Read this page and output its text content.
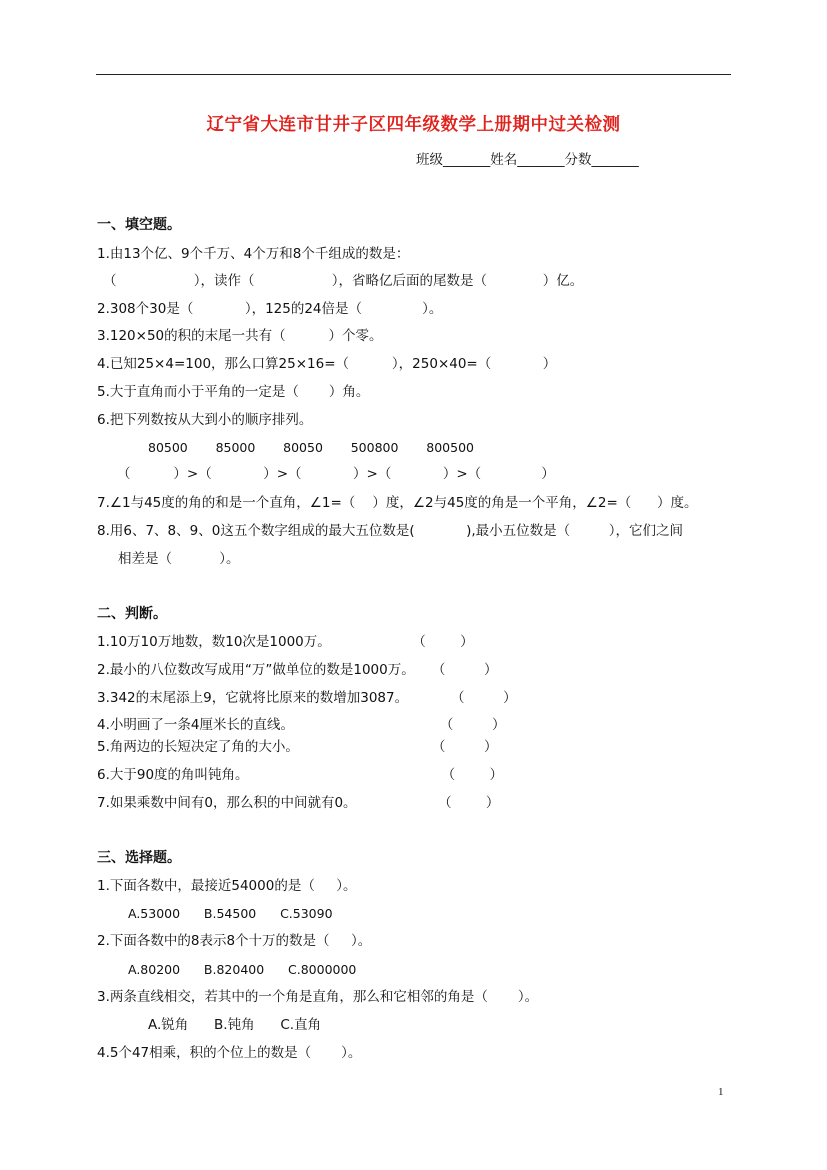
辽宁省大连市甘井子区四年级数学上册期中过关检测
班级_______姓名_______分数_______
一、填空题。
1.由13个亿、9个千万、4个万和8个千组成的数是：
（                  ），读作（                  ），省略亿后面的尾数是（             ）亿。
2.308个30是（            ），125的24倍是（              ）。
3.120×50的积的末尾一共有（          ）个零。
4.已知25×4=100，那么口算25×16=（          ），250×40=（            ）
5.大于直角而小于平角的一定是（       ）角。
6.把下列数按从大到小的顺序排列。
80500       85000       80050       500800       800500
（          ）>（            ）>（            ）>（            ）>（              ）
7.∠1与45度的角的和是一个直角，∠1=（    ）度，∠2与45度的角是一个平角，∠2=（      ）度。
8.用6、7、8、9、0这五个数字组成的最大五位数是(            ),最小五位数是（         ），它们之间
相差是（           ）。
二、判断。
1.10万10万地数，数10次是1000万。                   （        ）
2.最小的八位数改写成用“万”做单位的数是1000万。    （         ）
3.342的末尾添上9，它就将比原来的数增加3087。          （         ）
4.小明画了一条4厘米长的直线。                                  （         ）
5.角两边的长短决定了角的大小。                               （         ）
6.大于90度的角叫钝角。                                             （        ）
7.如果乘数中间有0，那么积的中间就有0。                   （        ）
三、选择题。
1.下面各数中，最接近54000的是（     ）。
A.53000      B.54500      C.53090
2.下面各数中的8表示8个十万的数是（     ）。
A.80200      B.820400      C.8000000
3.两条直线相交，若其中的一个角是直角，那么和它相邻的角是（       ）。
A.锐角      B.钝角      C.直角
4.5个47相乘，积的个位上的数是（       ）。
1
